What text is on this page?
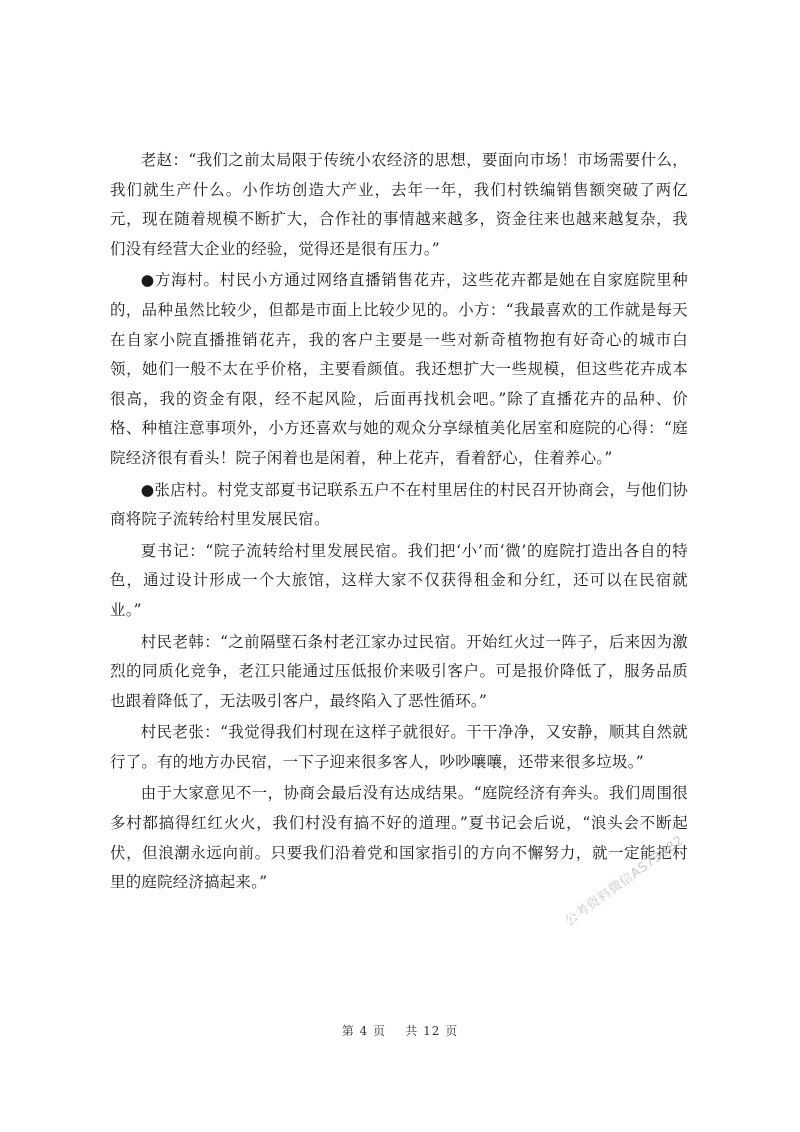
老赵：“我们之前太局限于传统小农经济的思想，要面向市场！市场需要什么，我们就生产什么。小作坊创造大产业，去年一年，我们村铁编销售额突破了两亿元，现在随着规模不断扩大，合作社的事情越来越多，资金往来也越来越复杂，我们没有经营大企业的经验，觉得还是很有压力。”

●方海村。村民小方通过网络直播销售花卉，这些花卉都是她在自家庭院里种的，品种虽然比较少，但都是市面上比较少见的。小方：“我最喜欢的工作就是每天在自家小院直播推销花卉，我的客户主要是一些对新奇植物抱有好奇心的城市白领，她们一般不太在乎价格，主要看颜值。我还想扩大一些规模，但这些花卉成本很高，我的资金有限，经不起风险，后面再找机会吧。”除了直播花卉的品种、价格、种植注意事项外，小方还喜欢与她的观众分享绿植美化居室和庭院的心得：“庭院经济很有看头！院子闲着也是闲着，种上花卉，看着舒心，住着养心。”

●张店村。村党支部夏书记联系五户不在村里居住的村民召开协商会，与他们协商将院子流转给村里发展民宿。

夏书记：“院子流转给村里发展民宿。我们把‘小’而‘微’的庭院打造出各自的特色，通过设计形成一个大旅馆，这样大家不仅获得租金和分红，还可以在民宿就业。”

村民老韩：“之前隔壁石条村老江家办过民宿。开始红火过一阵子，后来因为激烈的同质化竞争，老江只能通过压低报价来吸引客户。可是报价降低了，服务品质也跟着降低了，无法吸引客户，最终陷入了恶性循环。”

村民老张：“我觉得我们村现在这样子就很好。干干净净，又安静，顺其自然就行了。有的地方办民宿，一下子迎来很多客人，吵吵嚷嚷，还带来很多垃圾。”

由于大家意见不一，协商会最后没有达成结果。“庭院经济有奔头。我们周围很多村都搞得红红火火，我们村没有搞不好的道理。”夏书记会后说，“浪头会不断起伏，但浪潮永远向前。只要我们沿着党和国家指引的方向不懈努力，就一定能把村里的庭院经济搞起来。”	公考资料微信AS73982
第 4 页    共 12 页
